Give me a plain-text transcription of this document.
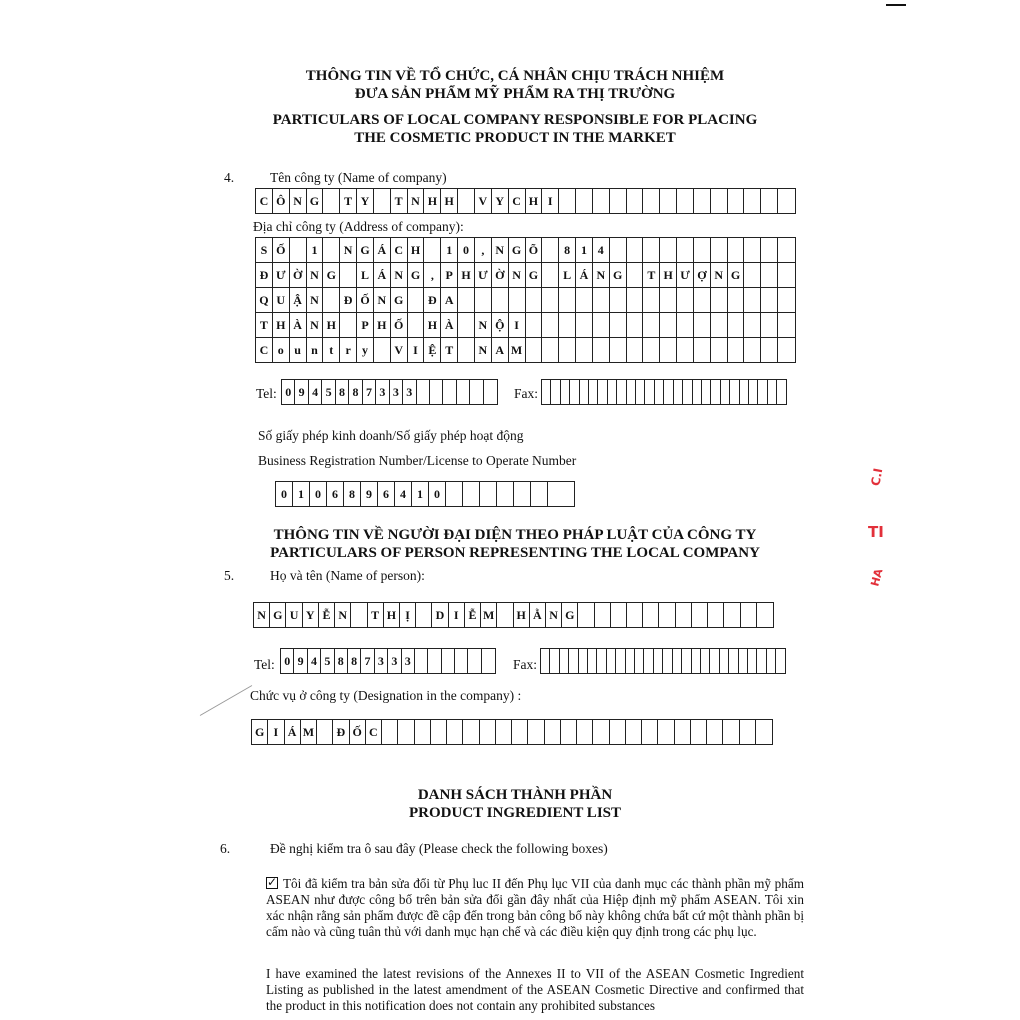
THÔNG TIN VỀ TỔ CHỨC, CÁ NHÂN CHỊU TRÁCH NHIỆM
ĐƯA SẢN PHẨM MỸ PHẨM RA THỊ TRƯỜNG
PARTICULARS OF LOCAL COMPANY RESPONSIBLE FOR PLACING
THE COSMETIC PRODUCT IN THE MARKET
4.	Tên công ty (Name of company)
C Ô N G	T Y	T N H H	V Y C H I
Địa chỉ công ty (Address of company):
S Ố	1	N G Á C H	1 0	, N G Õ	8 1 4
Đ Ư Ờ N G	L Á N G , P H Ư Ờ N G	L Á N G	T H Ư Ợ N G
Q U Ậ N	Đ Ố N G	Đ A
T H À N H	P H Ố	H À	N Ộ I
C o u n t	r y	V I Ệ T	N A M
Tel: 0 9 4 5 8 8 7 3 3 3	Fax:
Số giấy phép kinh doanh/Số giấy phép hoạt động
Business Registration Number/License to Operate Number
0 1 0 6 8 9 6 4 1 0
THÔNG TIN VỀ NGƯỜI ĐẠI DIỆN THEO PHÁP LUẬT CỦA CÔNG TY
PARTICULARS OF PERSON REPRESENTING THE LOCAL COMPANY
5.	Họ và tên (Name of person):
N G U Y Ễ N	T H Ị	D I Ễ M H Ằ N G
Tel: 0 9 4 5 8 8 7 3 3 3	Fax:
Chức vụ ở công ty (Designation in the company) :
G I Á M Đ Ố C
DANH SÁCH THÀNH PHẦN
PRODUCT INGREDIENT LIST
6.	Đề nghị kiểm tra ô sau đây (Please check the following boxes)
✓Tôi đã kiểm tra bản sửa đổi từ Phụ luc II đến Phụ lục VII của danh mục các thành phần mỹ phẩm ASEAN như được công bố trên bản sửa đổi gần đây nhất của Hiệp định mỹ phẩm ASEAN. Tôi xin xác nhận rằng sản phẩm được đề cập đến trong bản công bố này không chứa bất cứ một thành phần bị cấm nào và cũng tuân thủ với danh mục hạn chế và các điều kiện quy định trong các phụ lục.
I have examined the latest revisions of the Annexes II to VII of the ASEAN Cosmetic Ingredient Listing as published in the latest amendment of the ASEAN Cosmetic Directive and confirmed that the product in this notification does not contain any prohibited substances
C.I
TI
HA
